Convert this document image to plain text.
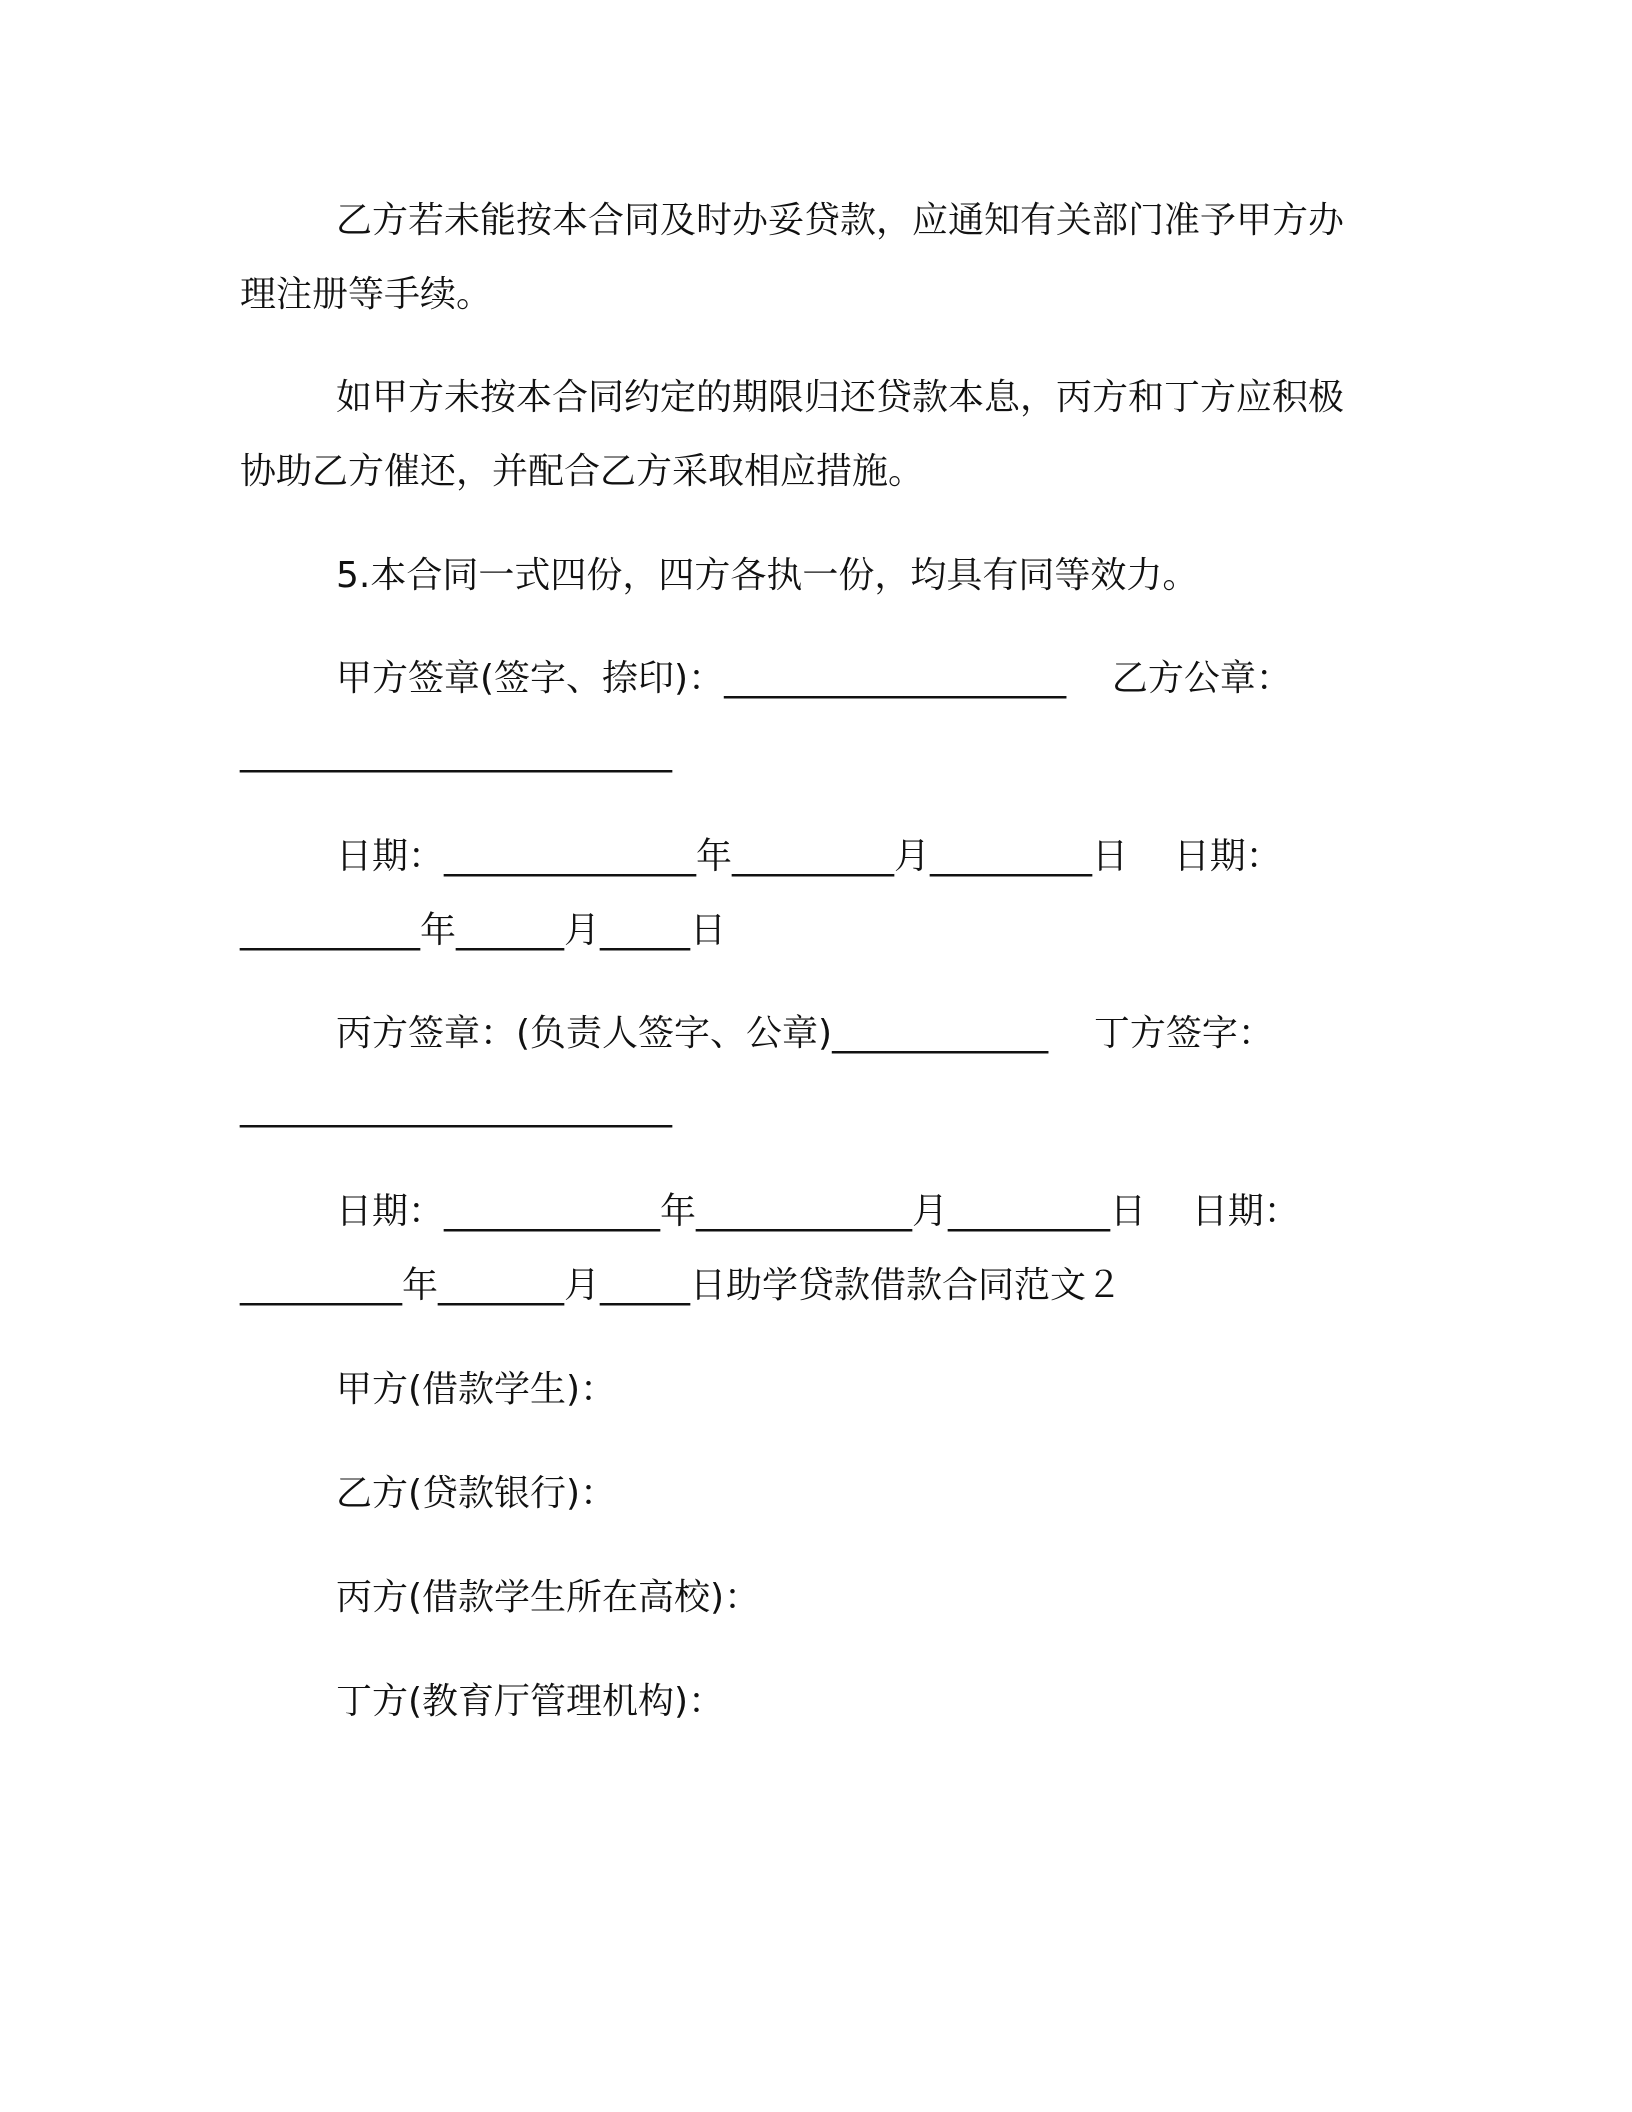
乙方若未能按本合同及时办妥贷款，应通知有关部门准予甲方办
理注册等手续。
如甲方未按本合同约定的期限归还贷款本息，丙方和丁方应积极
协助乙方催还，并配合乙方采取相应措施。
5.本合同一式四份，四方各执一份，均具有同等效力。
甲方签章(签字、捺印)：___________________    乙方公章：
________________________
日期：______________年_________月_________日    日期：
__________年______月_____日
丙方签章：(负责人签字、公章)____________    丁方签字：
________________________
日期：____________年____________月_________日    日期：
_________年_______月_____日助学贷款借款合同范文２
甲方(借款学生)：
乙方(贷款银行)：
丙方(借款学生所在高校)：
丁方(教育厅管理机构)：
